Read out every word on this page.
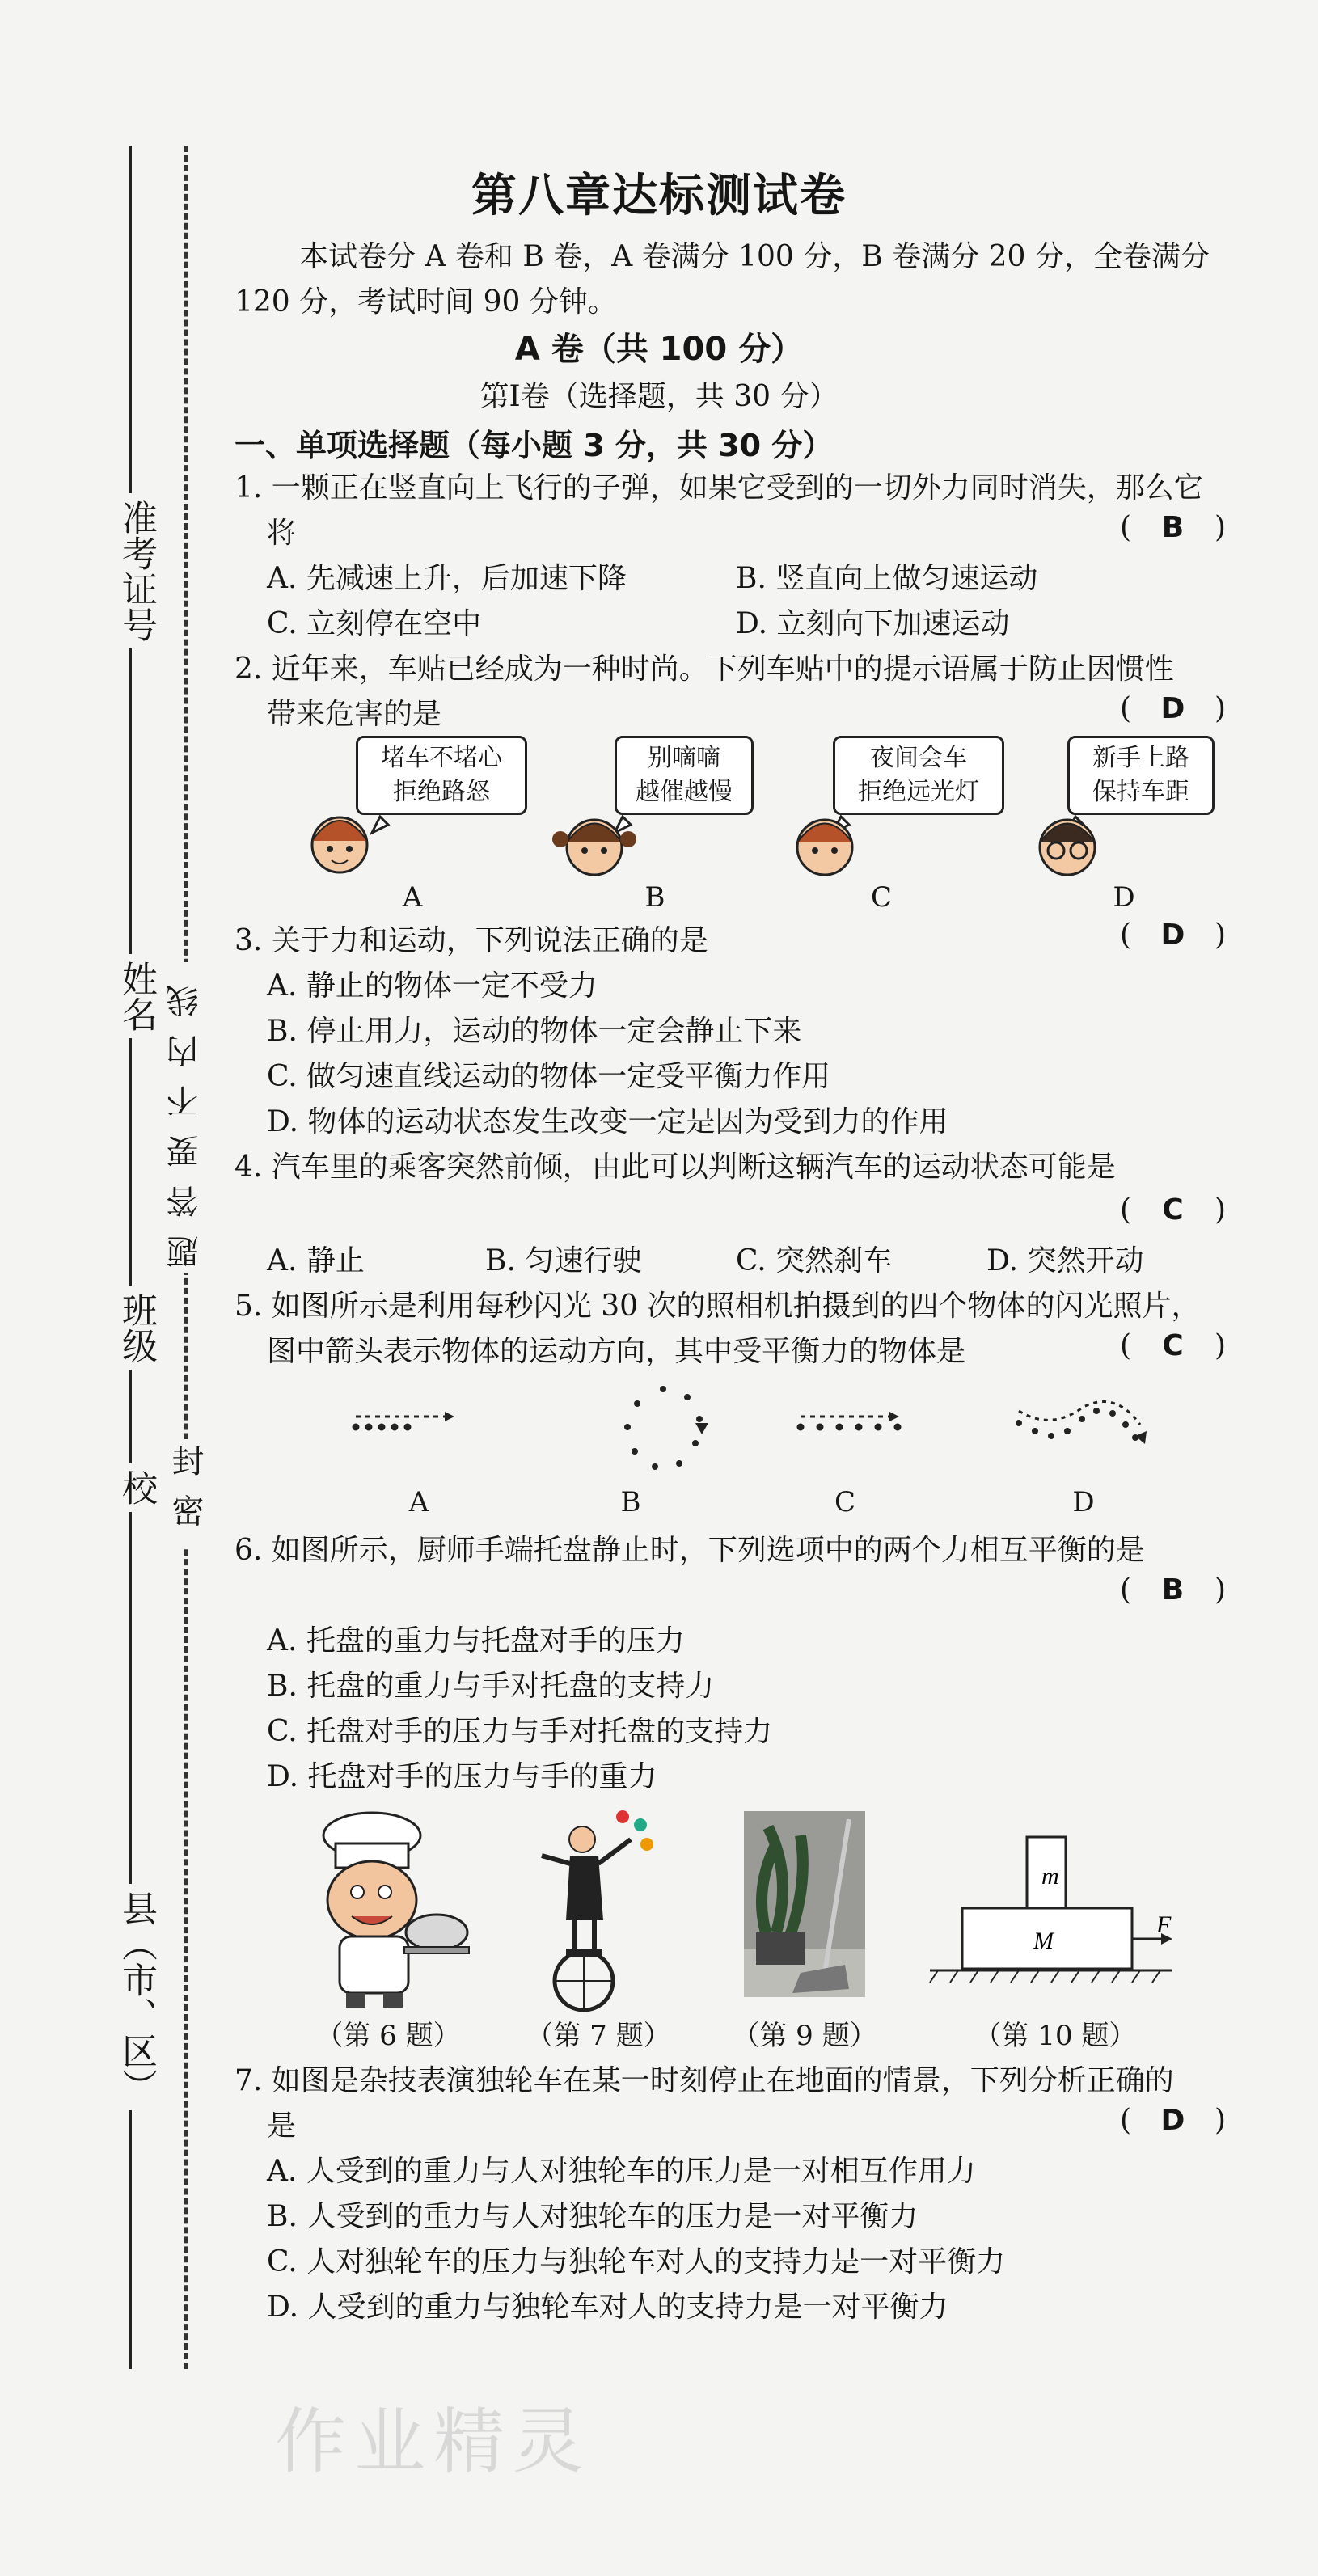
准考证号
姓名
班级
校
县（市、区）
题答要不内线
封密
第八章达标测试卷
本试卷分 A 卷和 B 卷，A 卷满分 100 分，B 卷满分 20 分，全卷满分
120 分，考试时间 90 分钟。
A 卷（共 100 分）
第Ⅰ卷（选择题，共 30 分）
一、单项选择题（每小题 3 分，共 30 分）
1. 一颗正在竖直向上飞行的子弹，如果它受到的一切外力同时消失，那么它
将	( B )
A. 先减速上升，后加速下降	B. 竖直向上做匀速运动
C. 立刻停在空中	D. 立刻向下加速运动
2. 近年来，车贴已经成为一种时尚。下列车贴中的提示语属于防止因惯性
带来危害的是	( D )
堵车不堵心
拒绝路怒
别嘀嘀
越催越慢
夜间会车
拒绝远光灯
新手上路
保持车距
A	B	C	D
3. 关于力和运动，下列说法正确的是	( D )
A. 静止的物体一定不受力
B. 停止用力，运动的物体一定会静止下来
C. 做匀速直线运动的物体一定受平衡力作用
D. 物体的运动状态发生改变一定是因为受到力的作用
4. 汽车里的乘客突然前倾，由此可以判断这辆汽车的运动状态可能是
( C )
A. 静止	B. 匀速行驶	C. 突然刹车	D. 突然开动
5. 如图所示是利用每秒闪光 30 次的照相机拍摄到的四个物体的闪光照片，
图中箭头表示物体的运动方向，其中受平衡力的物体是	( C )
A	B	C	D
6. 如图所示，厨师手端托盘静止时，下列选项中的两个力相互平衡的是
( B )
A. 托盘的重力与托盘对手的压力
B. 托盘的重力与手对托盘的支持力
C. 托盘对手的压力与手对托盘的支持力
D. 托盘对手的压力与手的重力
m
M
F
（第 6 题）	（第 7 题）	（第 9 题）	（第 10 题）
7. 如图是杂技表演独轮车在某一时刻停止在地面的情景，下列分析正确的
是	( D )
A. 人受到的重力与人对独轮车的压力是一对相互作用力
B. 人受到的重力与人对独轮车的压力是一对平衡力
C. 人对独轮车的压力与独轮车对人的支持力是一对平衡力
D. 人受到的重力与独轮车对人的支持力是一对平衡力
作业精灵
